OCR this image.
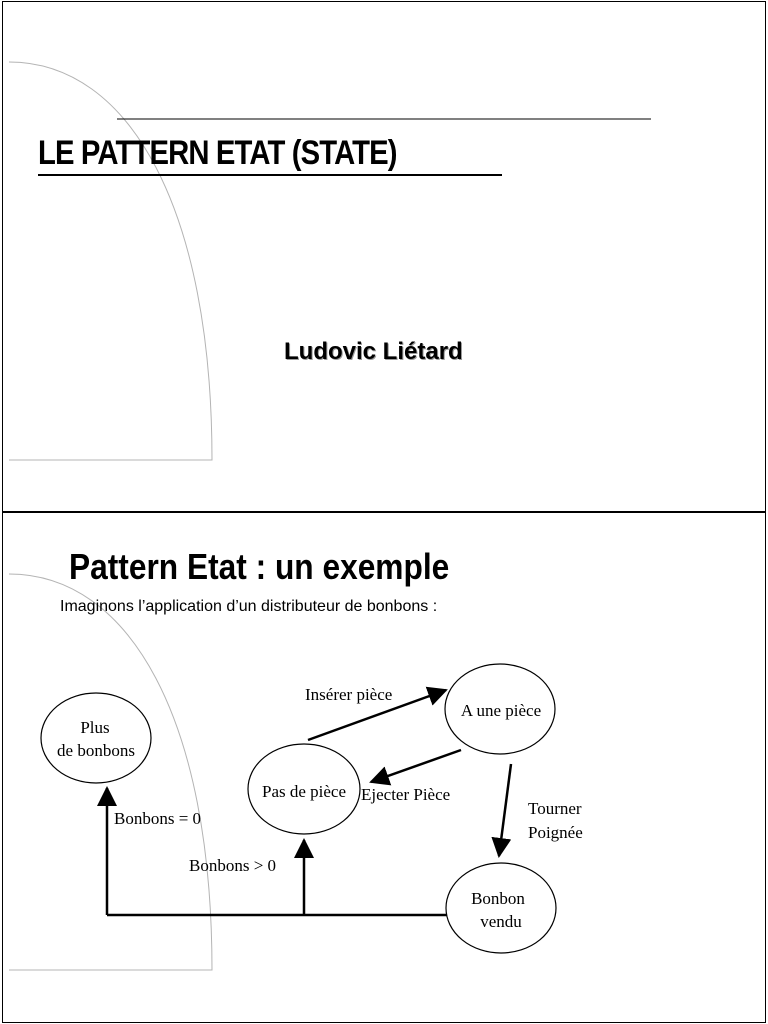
Plus
de bonbons
Pas de pièce
A une pièce
Bonbon
vendu
Insérer pièce
Ejecter Pièce
Tourner
Poignée
Bonbons = 0
Bonbons > 0
LE PATTERN ETAT (STATE)
Ludovic Liétard
Pattern Etat : un exemple
Imaginons l’application d’un distributeur de bonbons :
